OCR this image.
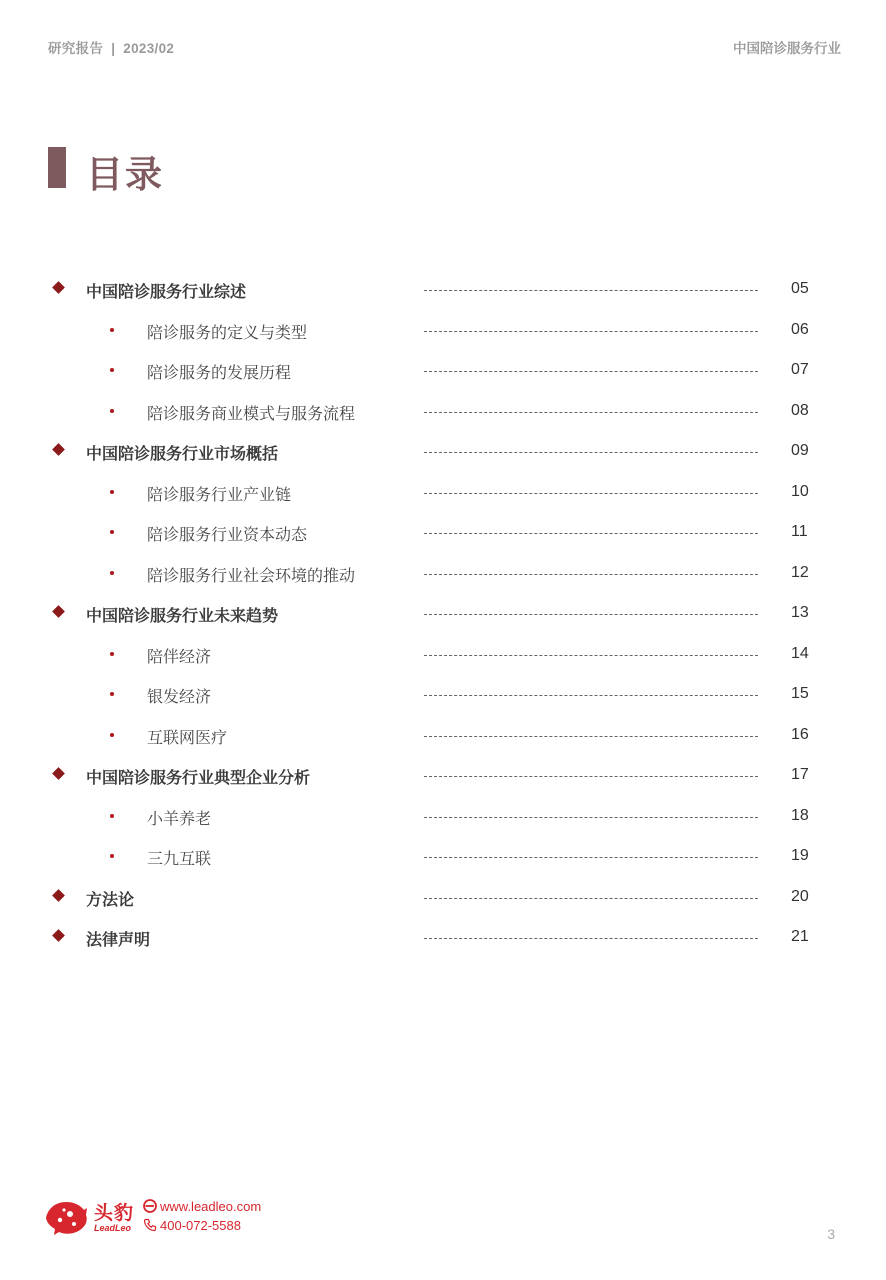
研究报告 | 2023/02	中国陪诊服务行业
目录
中国陪诊服务行业综述	05
陪诊服务的定义与类型	06
陪诊服务的发展历程	07
陪诊服务商业模式与服务流程	08
中国陪诊服务行业市场概括	09
陪诊服务行业产业链	10
陪诊服务行业资本动态	11
陪诊服务行业社会环境的推动	12
中国陪诊服务行业未来趋势	13
陪伴经济	14
银发经济	15
互联网医疗	16
中国陪诊服务行业典型企业分析	17
小羊养老	18
三九互联	19
方法论	20
法律声明	21
头豹
LeadLeo
www.leadleo.com
400-072-5588
3
